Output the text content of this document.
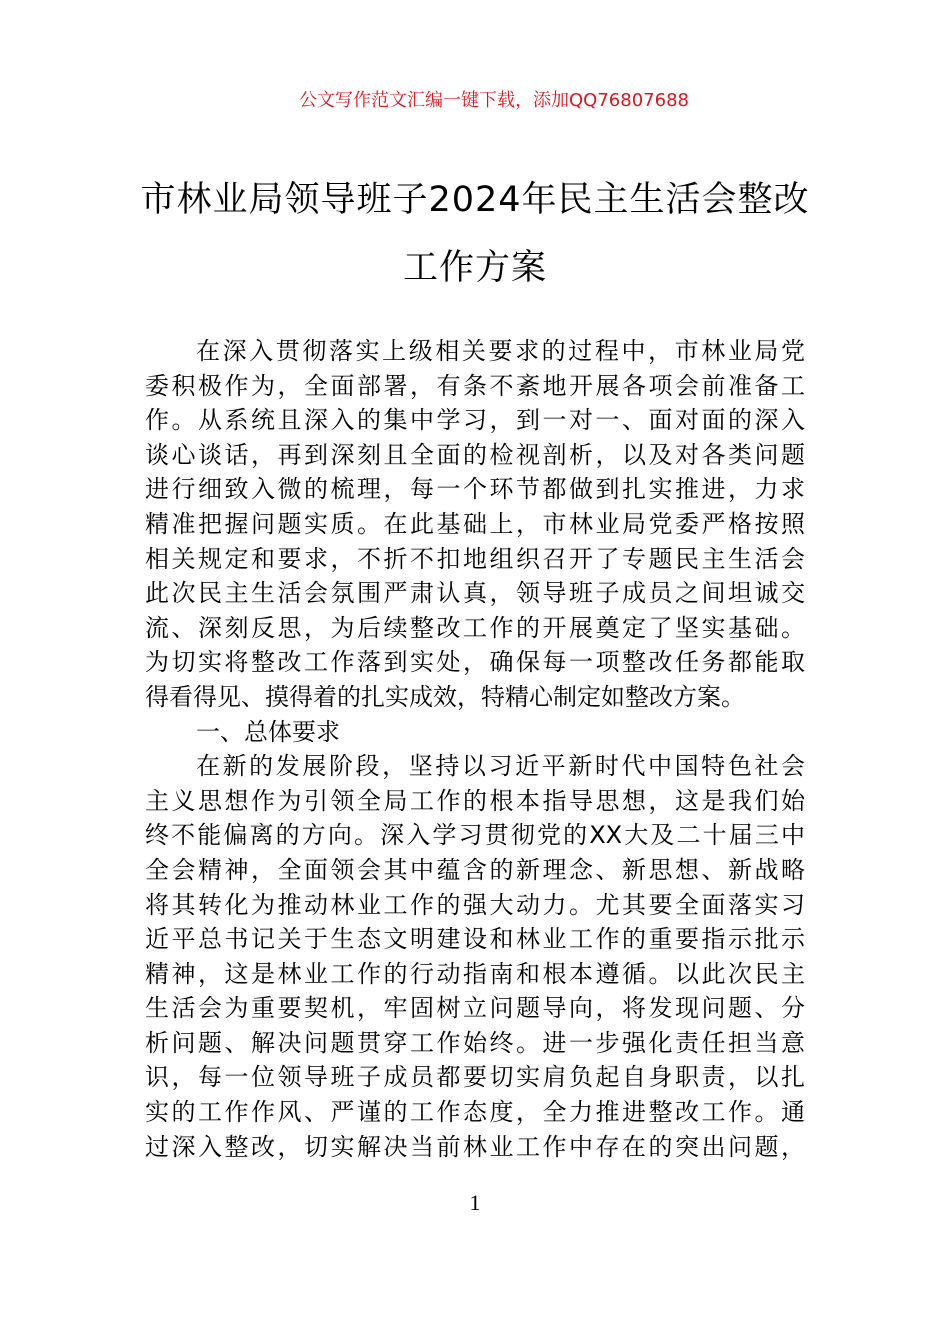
公文写作范文汇编一键下载，添加QQ76807688
市林业局领导班子2024年民主生活会整改
工作方案
在深入贯彻落实上级相关要求的过程中，市林业局党
委积极作为，全面部署，有条不紊地开展各项会前准备工
作。从系统且深入的集中学习，到一对一、面对面的深入
谈心谈话，再到深刻且全面的检视剖析，以及对各类问题
进行细致入微的梳理，每一个环节都做到扎实推进，力求
精准把握问题实质。在此基础上，市林业局党委严格按照
相关规定和要求，不折不扣地组织召开了专题民主生活会
此次民主生活会氛围严肃认真，领导班子成员之间坦诚交
流、深刻反思，为后续整改工作的开展奠定了坚实基础。
为切实将整改工作落到实处，确保每一项整改任务都能取
得看得见、摸得着的扎实成效，特精心制定如整改方案。
一、总体要求
在新的发展阶段，坚持以习近平新时代中国特色社会
主义思想作为引领全局工作的根本指导思想，这是我们始
终不能偏离的方向。深入学习贯彻党的XX大及二十届三中
全会精神，全面领会其中蕴含的新理念、新思想、新战略
将其转化为推动林业工作的强大动力。尤其要全面落实习
近平总书记关于生态文明建设和林业工作的重要指示批示
精神，这是林业工作的行动指南和根本遵循。以此次民主
生活会为重要契机，牢固树立问题导向，将发现问题、分
析问题、解决问题贯穿工作始终。进一步强化责任担当意
识，每一位领导班子成员都要切实肩负起自身职责，以扎
实的工作作风、严谨的工作态度，全力推进整改工作。通
过深入整改，切实解决当前林业工作中存在的突出问题，
1
